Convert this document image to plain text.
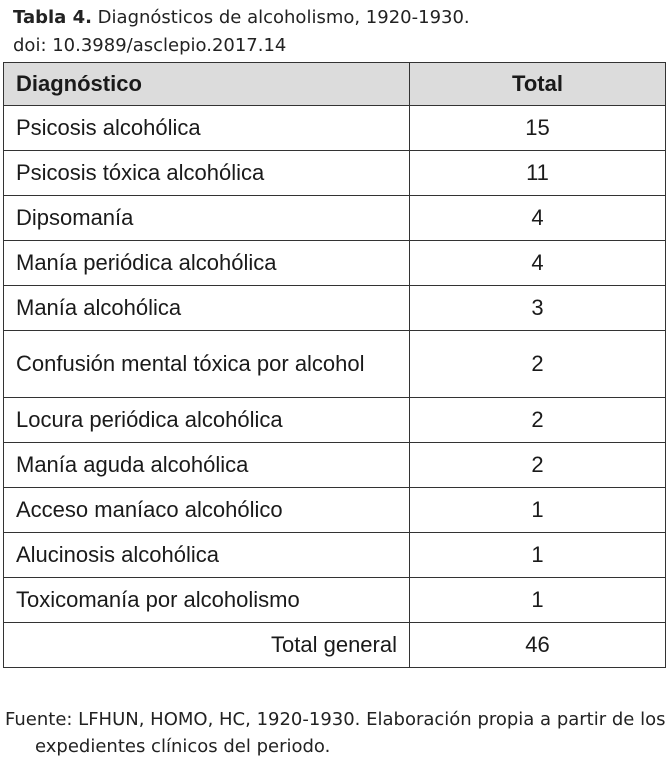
Tabla 4. Diagnósticos de alcoholismo, 1920-1930.
doi: 10.3989/asclepio.2017.14
Diagnóstico	Total
Psicosis alcohólica	15
Psicosis tóxica alcohólica	11
Dipsomanía	4
Manía periódica alcohólica	4
Manía alcohólica	3
Confusión mental tóxica por alcohol	2
Locura periódica alcohólica	2
Manía aguda alcohólica	2
Acceso maníaco alcohólico	1
Alucinosis alcohólica	1
Toxicomanía por alcoholismo	1
Total general	46
Fuente: LFHUN, HOMO, HC, 1920-1930. Elaboración propia a partir de los expedientes clínicos del periodo.
